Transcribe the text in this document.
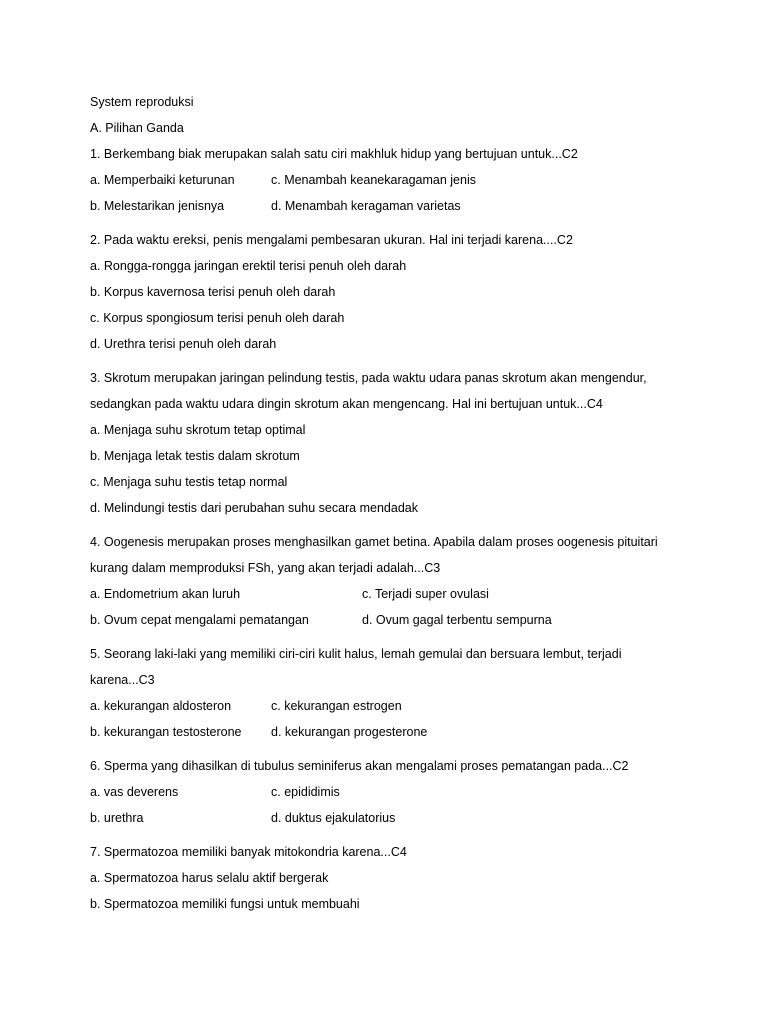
System reproduksi
A. Pilihan Ganda
1. Berkembang biak merupakan salah satu ciri makhluk hidup yang bertujuan untuk...C2
a. Memperbaiki keturunan	c. Menambah keanekaragaman jenis
b. Melestarikan jenisnya	d. Menambah keragaman varietas
2. Pada waktu ereksi, penis mengalami pembesaran ukuran. Hal ini terjadi karena....C2
a. Rongga-rongga jaringan erektil terisi penuh oleh darah
b. Korpus kavernosa terisi penuh oleh darah
c. Korpus spongiosum terisi penuh oleh darah
d. Urethra terisi penuh oleh darah
3. Skrotum merupakan jaringan pelindung testis, pada waktu udara panas skrotum akan mengendur,
sedangkan pada waktu udara dingin skrotum akan mengencang. Hal ini bertujuan untuk...C4
a. Menjaga suhu skrotum tetap optimal
b. Menjaga letak testis dalam skrotum
c. Menjaga suhu testis tetap normal
d. Melindungi testis dari perubahan suhu secara mendadak
4. Oogenesis merupakan proses menghasilkan gamet betina. Apabila dalam proses oogenesis pituitari
kurang dalam memproduksi FSh, yang akan terjadi adalah...C3
a. Endometrium akan luruh	c. Terjadi super ovulasi
b. Ovum cepat mengalami pematangan	d. Ovum gagal terbentu sempurna
5. Seorang laki-laki yang memiliki ciri-ciri kulit halus, lemah gemulai dan bersuara lembut, terjadi
karena...C3
a. kekurangan aldosteron	c. kekurangan estrogen
b. kekurangan testosterone d. kekurangan progesterone
6. Sperma yang dihasilkan di tubulus seminiferus akan mengalami proses pematangan pada...C2
a. vas deverens	c. epididimis
b. urethra	d. duktus ejakulatorius
7. Spermatozoa memiliki banyak mitokondria karena...C4
a. Spermatozoa harus selalu aktif bergerak
b. Spermatozoa memiliki fungsi untuk membuahi
